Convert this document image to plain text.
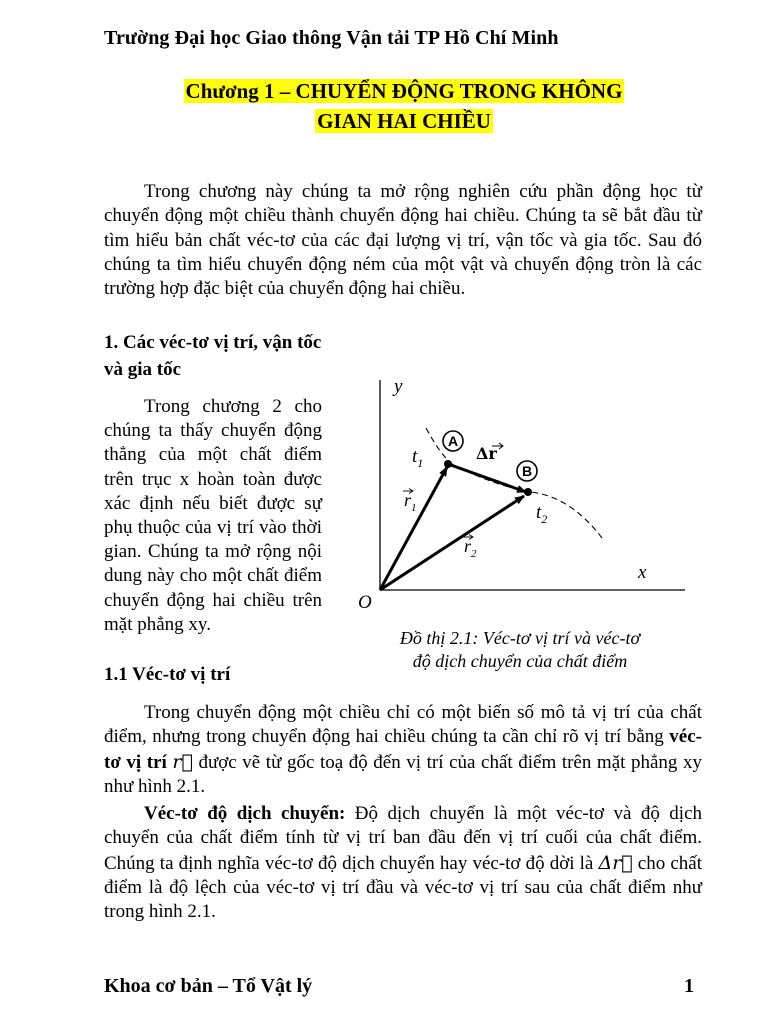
Trường Đại học Giao thông Vận tải TP Hồ Chí Minh
Chương 1 – CHUYỂN ĐỘNG TRONG KHÔNG
GIAN HAI CHIỀU
Trong chương này chúng ta mở rộng nghiên cứu phần động học từ chuyển động một chiều thành chuyển động hai chiều. Chúng ta sẽ bắt đầu từ tìm hiểu bản chất véc-tơ của các đại lượng vị trí, vận tốc và gia tốc. Sau đó chúng ta tìm hiểu chuyển động ném của một vật và chuyển động tròn là các trường hợp đặc biệt của chuyển động hai chiều.
1. Các véc-tơ vị trí, vận tốc và gia tốc
Trong chương 2 cho chúng ta thấy chuyển động thẳng của một chất điểm trên trục x hoàn toàn được xác định nếu biết được sự phụ thuộc của vị trí vào thời gian. Chúng ta mở rộng nội dung này cho một chất điểm chuyển động hai chiều trên mặt phẳng xy.
A
B
y
x
O
Δr
$t_1$
$t_2$
$r_1$
$r_2$
Đồ thị 2.1: Véc-tơ vị trí và véc-tơ
độ dịch chuyển của chất điểm
1.1 Véc-tơ vị trí
Trong chuyển động một chiều chỉ có một biến số mô tả vị trí của chất điểm, nhưng trong chuyển động hai chiều chúng ta cần chỉ rõ vị trí bằng véc-tơ vị trí r⃗ được vẽ từ gốc toạ độ đến vị trí của chất điểm trên mặt phẳng xy như hình 2.1.
Véc-tơ độ dịch chuyển: Độ dịch chuyển là một véc-tơ và độ dịch chuyển của chất điểm tính từ vị trí ban đầu đến vị trí cuối của chất điểm. Chúng ta định nghĩa véc-tơ độ dịch chuyển hay véc-tơ độ dời là Δr⃗ cho chất điểm là độ lệch của véc-tơ vị trí đầu và véc-tơ vị trí sau của chất điểm như trong hình 2.1.
Khoa cơ bản – Tổ Vật lý	1
